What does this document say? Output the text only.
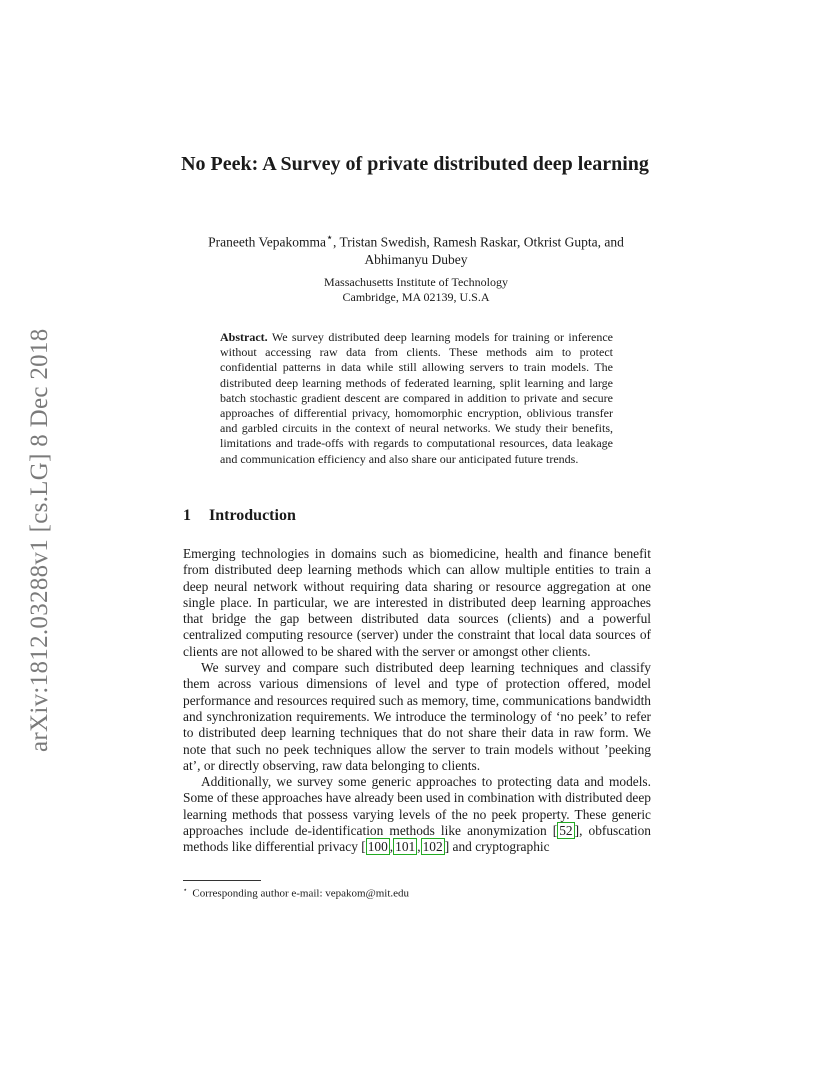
arXiv:1812.03288v1 [cs.LG] 8 Dec 2018
No Peek: A Survey of private distributed deep learning
Praneeth Vepakomma⋆, Tristan Swedish, Ramesh Raskar, Otkrist Gupta, and
Abhimanyu Dubey
Massachusetts Institute of Technology
Cambridge, MA 02139, U.S.A
Abstract. We survey distributed deep learning models for training or inference without accessing raw data from clients. These methods aim to protect confidential patterns in data while still allowing servers to train models. The distributed deep learning methods of federated learning, split learning and large batch stochastic gradient descent are compared in addition to private and secure approaches of differential privacy, homomorphic encryption, oblivious transfer and garbled circuits in the context of neural networks. We study their benefits, limitations and trade-offs with regards to computational resources, data leakage and communication efficiency and also share our anticipated future trends.
1 Introduction

Emerging technologies in domains such as biomedicine, health and finance benefit from distributed deep learning methods which can allow multiple entities to train a deep neural network without requiring data sharing or resource aggregation at one single place. In particular, we are interested in distributed deep learning approaches that bridge the gap between distributed data sources (clients) and a powerful centralized computing resource (server) under the constraint that local data sources of clients are not allowed to be shared with the server or amongst other clients.

We survey and compare such distributed deep learning techniques and classify them across various dimensions of level and type of protection offered, model performance and resources required such as memory, time, communications bandwidth and synchronization requirements. We introduce the terminology of ‘no peek’ to refer to distributed deep learning techniques that do not share their data in raw form. We note that such no peek techniques allow the server to train models without ’peeking at’, or directly observing, raw data belonging to clients.

Additionally, we survey some generic approaches to protecting data and models. Some of these approaches have already been used in combination with distributed deep learning methods that possess varying levels of the no peek property. These generic approaches include de-identification methods like anonymization [ 52 ], obfuscation methods like differential privacy [ 100 , 101 , 102 ] and cryptographic

⋆ Corresponding author e-mail: vepakom@mit.edu
